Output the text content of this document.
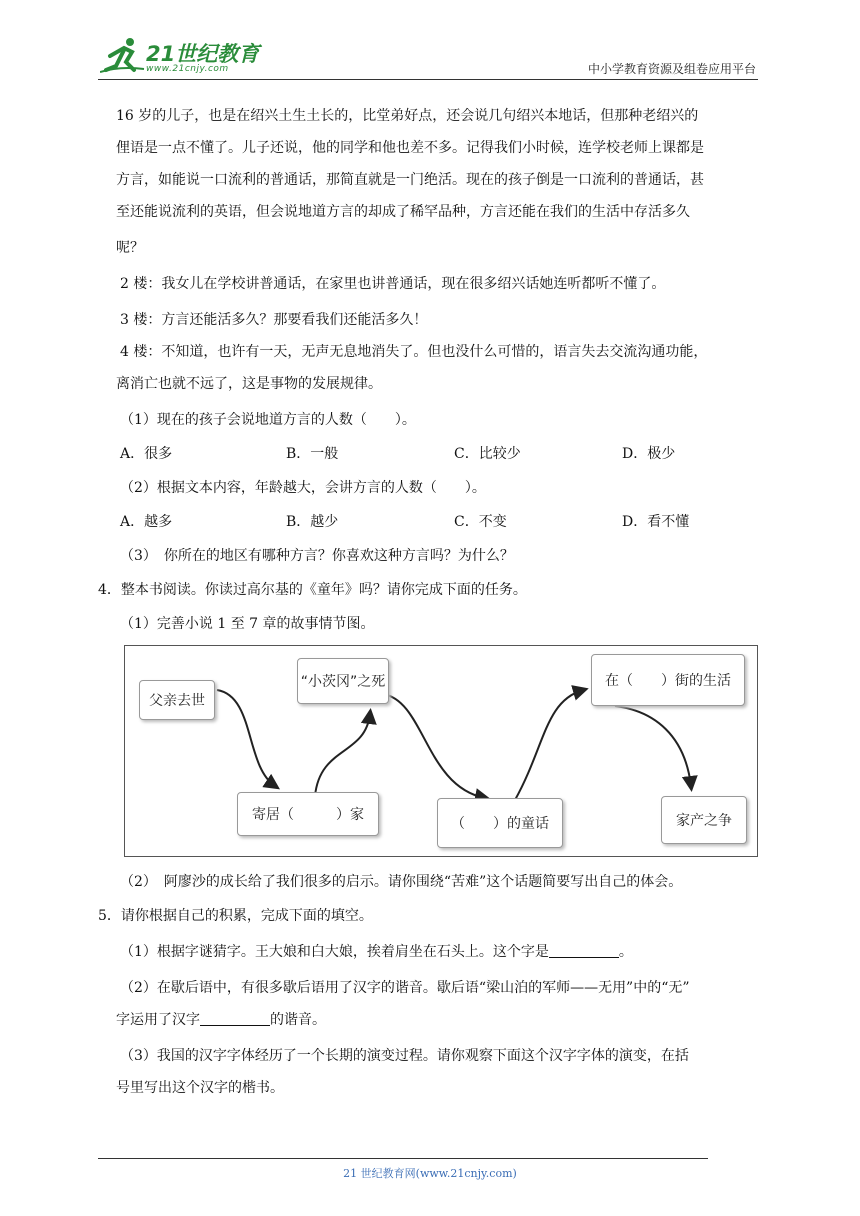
21世纪教育
www.21cnjy.com	中小学教育资源及组卷应用平台
16 岁的儿子，也是在绍兴土生土长的，比堂弟好点，还会说几句绍兴本地话，但那种老绍兴的
俚语是一点不懂了。儿子还说，他的同学和他也差不多。记得我们小时候，连学校老师上课都是
方言，如能说一口流利的普通话，那简直就是一门绝活。现在的孩子倒是一口流利的普通话，甚
至还能说流利的英语，但会说地道方言的却成了稀罕品种，方言还能在我们的生活中存活多久
呢？
2 楼：我女儿在学校讲普通话，在家里也讲普通话，现在很多绍兴话她连听都听不懂了。
3 楼：方言还能活多久？那要看我们还能活多久！
4 楼：不知道，也许有一天，无声无息地消失了。但也没什么可惜的，语言失去交流沟通功能，
离消亡也就不远了，这是事物的发展规律。
（1）现在的孩子会说地道方言的人数（　　）。
A．很多	B．一般	C．比较少	D．极少
（2）根据文本内容，年龄越大，会讲方言的人数（　　）。
A．越多	B．越少	C．不变	D．看不懂
（3）　你所在的地区有哪种方言？你喜欢这种方言吗？为什么？
4．整本书阅读。你读过高尔基的《童年》吗？请你完成下面的任务。
（1）完善小说 1 至 7 章的故事情节图。
父亲去世
寄居（　　　）家
“小茨冈”之死
（　　）的童话
在（　　）街的生活
家产之争
（2）　阿廖沙的成长给了我们很多的启示。请你围绕“苦难”这个话题简要写出自己的体会。
5．请你根据自己的积累，完成下面的填空。
（1）根据字谜猜字。王大娘和白大娘，挨着肩坐在石头上。这个字是	。
（2）在歇后语中，有很多歇后语用了汉字的谐音。歇后语“梁山泊的军师——无用”中的“无”
字运用了汉字	的谐音。
（3）我国的汉字字体经历了一个长期的演变过程。请你观察下面这个汉字字体的演变，在括
号里写出这个汉字的楷书。
21 世纪教育网(www.21cnjy.com)
